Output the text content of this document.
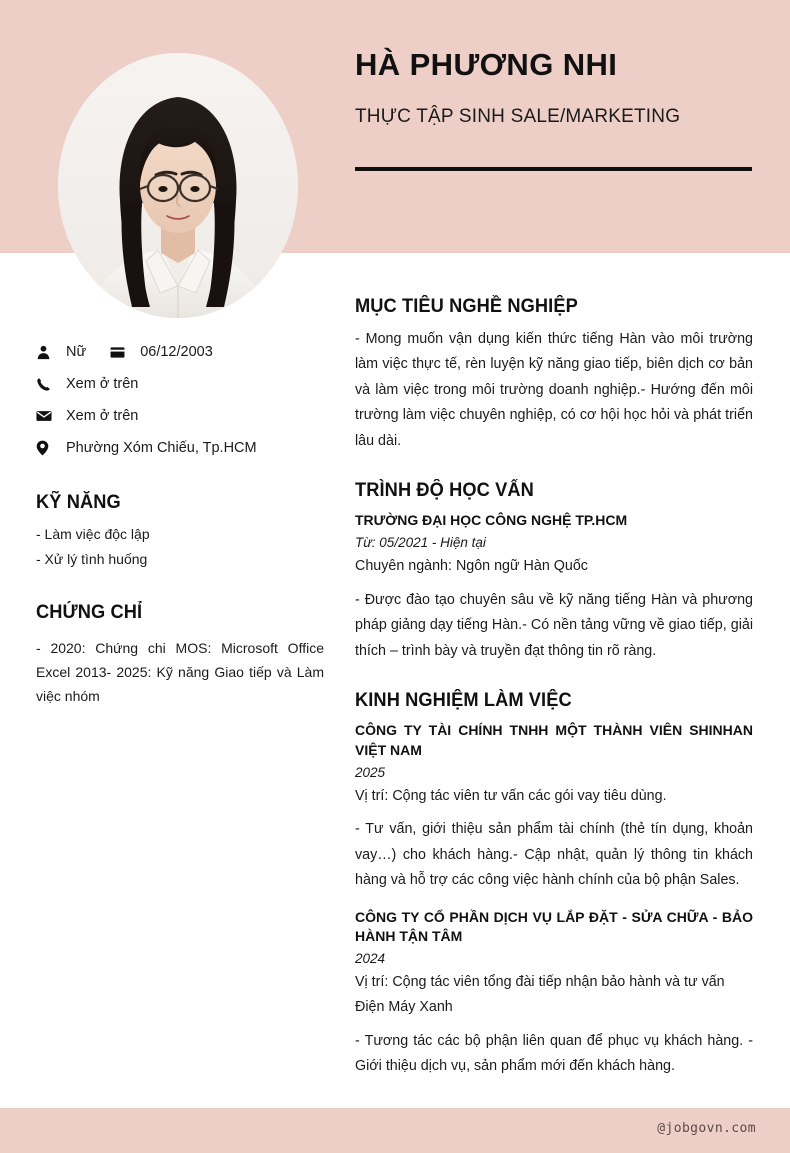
HÀ PHƯƠNG NHI
THỰC TẬP SINH SALE/MARKETING
Nữ	06/12/2003
Xem ở trên
Xem ở trên
Phường Xóm Chiếu, Tp.HCM
KỸ NĂNG
- Làm việc độc lập
- Xử lý tình huống
CHỨNG CHỈ
- 2020: Chứng chi MOS: Microsoft Office Excel 2013- 2025: Kỹ năng Giao tiếp và Làm việc nhóm
MỤC TIÊU NGHỀ NGHIỆP
- Mong muốn vận dụng kiến thức tiếng Hàn vào môi trường làm việc thực tế, rèn luyện kỹ năng giao tiếp, biên dịch cơ bản và làm việc trong môi trường doanh nghiệp.- Hướng đến môi trường làm việc chuyên nghiệp, có cơ hội học hỏi và phát triển lâu dài.
TRÌNH ĐỘ HỌC VẤN
TRƯỜNG ĐẠI HỌC CÔNG NGHỆ TP.HCM
Từ: 05/2021 - Hiện tại
Chuyên ngành: Ngôn ngữ Hàn Quốc
- Được đào tạo chuyên sâu về kỹ năng tiếng Hàn và phương pháp giảng dạy tiếng Hàn.- Có nền tảng vững về giao tiếp, giải thích – trình bày và truyền đạt thông tin rõ ràng.
KINH NGHIỆM LÀM VIỆC
CÔNG TY TÀI CHÍNH TNHH MỘT THÀNH VIÊN SHINHAN VIỆT NAM
2025
Vị trí: Cộng tác viên tư vấn các gói vay tiêu dùng.
- Tư vấn, giới thiệu sản phẩm tài chính (thẻ tín dụng, khoản vay…) cho khách hàng.- Cập nhật, quản lý thông tin khách hàng và hỗ trợ các công việc hành chính của bộ phận Sales.
CÔNG TY CỔ PHẦN DỊCH VỤ LẮP ĐẶT - SỬA CHỮA - BẢO HÀNH TẬN TÂM
2024
Vị trí: Cộng tác viên tổng đài tiếp nhận bảo hành và tư vấn Điện Máy Xanh
- Tương tác các bộ phận liên quan để phục vụ khách hàng. - Giới thiệu dịch vụ, sản phẩm mới đến khách hàng.
@jobgovn.com
